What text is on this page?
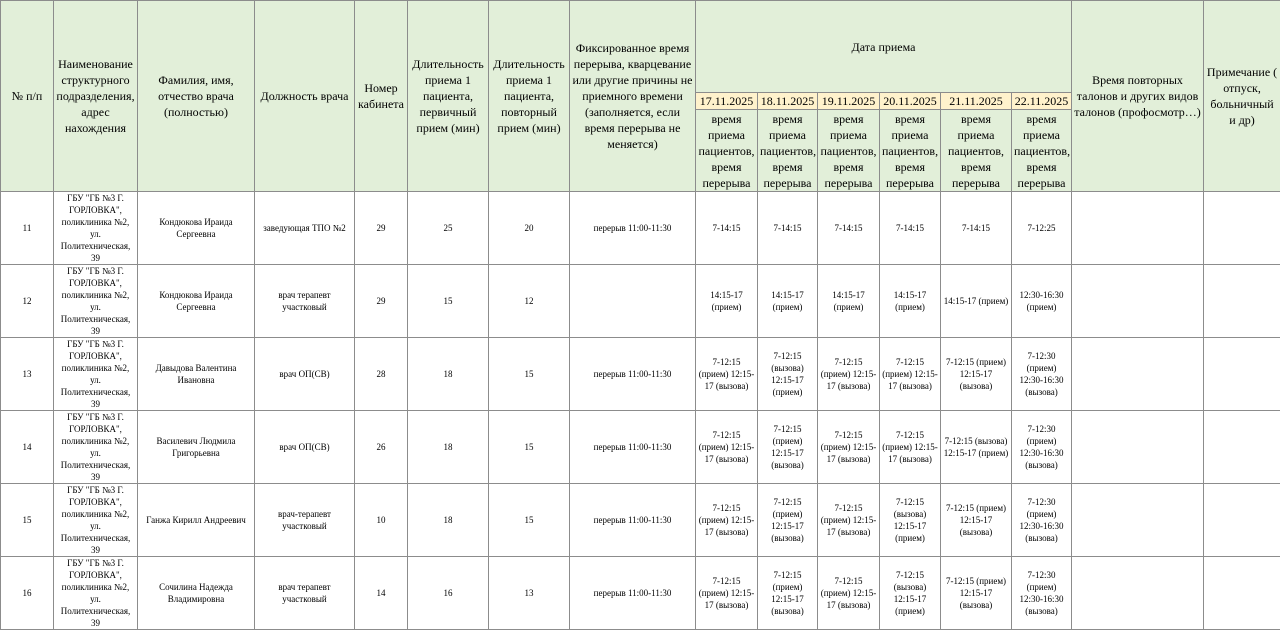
№ п/п	Наименование структурного подразделения, адрес нахождения	Фамилия, имя, отчество врача (полностью)	Должность врача	Номер кабинета	Длительность приема 1 пациента, первичный прием (мин)	Длительность приема 1 пациента, повторный прием (мин)	Фиксированное время перерыва, кварцевание или другие причины не приемного времени (заполняется, если время перерыва не меняется)	Дата приема						Время повторных талонов и других видов талонов (профосмотр…)	Примечание ( отпуск, больничный и др)
								17.11.2025	18.11.2025	19.11.2025	20.11.2025	21.11.2025	22.11.2025		
								время приема пациентов, время перерыва	время приема пациентов, время перерыва	время приема пациентов, время перерыва	время приема пациентов, время перерыва	время приема пациентов, время перерыва	время приема пациентов, время перерыва		
11	ГБУ "ГБ №3 Г. ГОРЛОВКА", поликлиника №2, ул. Политехническая, 39	Кондюкова Ираида Сергеевна	заведующая ТПО №2	29	25	20	перерыв 11:00-11:30	7-14:15	7-14:15	7-14:15	7-14:15	7-14:15	7-12:25		
12	ГБУ "ГБ №3 Г. ГОРЛОВКА", поликлиника №2, ул. Политехническая, 39	Кондюкова Ираида Сергеевна	врач терапевт участковый	29	15	12		14:15-17 (прием)	14:15-17 (прием)	14:15-17 (прием)	14:15-17 (прием)	14:15-17 (прием)	12:30-16:30 (прием)		
13	ГБУ "ГБ №3 Г. ГОРЛОВКА", поликлиника №2, ул. Политехническая, 39	Давыдова Валентина Ивановна	врач ОП(СВ)	28	18	15	перерыв 11:00-11:30	7-12:15 (прием) 12:15-17 (вызова)	7-12:15 (вызова) 12:15-17 (прием)	7-12:15 (прием) 12:15-17 (вызова)	7-12:15 (прием) 12:15-17 (вызова)	7-12:15 (прием) 12:15-17 (вызова)	7-12:30 (прием) 12:30-16:30 (вызова)		
14	ГБУ "ГБ №3 Г. ГОРЛОВКА", поликлиника №2, ул. Политехническая, 39	Василевич Людмила Григорьевна	врач ОП(СВ)	26	18	15	перерыв 11:00-11:30	7-12:15 (прием) 12:15-17 (вызова)	7-12:15 (прием) 12:15-17 (вызова)	7-12:15 (прием) 12:15-17 (вызова)	7-12:15 (прием) 12:15-17 (вызова)	7-12:15 (вызова) 12:15-17 (прием)	7-12:30 (прием) 12:30-16:30 (вызова)		
15	ГБУ "ГБ №3 Г. ГОРЛОВКА", поликлиника №2, ул. Политехническая, 39	Ганжа Кирилл Андреевич	врач-терапевт участковый	10	18	15	перерыв 11:00-11:30	7-12:15 (прием) 12:15-17 (вызова)	7-12:15 (прием) 12:15-17 (вызова)	7-12:15 (прием) 12:15-17 (вызова)	7-12:15 (вызова) 12:15-17 (прием)	7-12:15 (прием) 12:15-17 (вызова)	7-12:30 (прием) 12:30-16:30 (вызова)		
16	ГБУ "ГБ №3 Г. ГОРЛОВКА", поликлиника №2, ул. Политехническая, 39	Сочилина Надежда Владимировна	врач терапевт участковый	14	16	13	перерыв 11:00-11:30	7-12:15 (прием) 12:15-17 (вызова)	7-12:15 (прием) 12:15-17 (вызова)	7-12:15 (прием) 12:15-17 (вызова)	7-12:15 (вызова) 12:15-17 (прием)	7-12:15 (прием) 12:15-17 (вызова)	7-12:30 (прием) 12:30-16:30 (вызова)		
